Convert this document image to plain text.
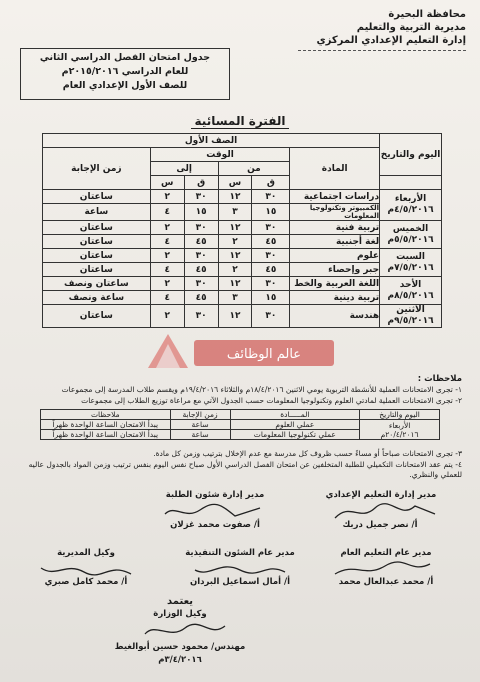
محافظة البحيرة
مديرية التربية والتعليم
إدارة التعليم الإعدادي المركزي
جدول امتحان الفصل الدراسي الثاني
للعام الدراسي ٢٠١٥/٢٠١٦م
للصف الأول الإعدادي العام
الفترة المسائية
اليوم والتاريخ	الصف الأول					
	المادة	الوقت				زمن الإجابة
		من		إلى		
		ق	س	ق	س	

الأربعاء
٤/٥/٢٠١٦م	دراسات اجتماعية	٣٠	١٢	٣٠	٢	ساعتان
	الكمبيوتر وتكنولوجيا المعلومات	١٥	٣	١٥	٤	ساعة

الخميس
٥/٥/٢٠١٦م	تربية فنية	٣٠	١٢	٣٠	٢	ساعتان
	لغة أجنبية	٤٥	٢	٤٥	٤	ساعتان

السبت
٧/٥/٢٠١٦م	علوم	٣٠	١٢	٣٠	٢	ساعتان
	جبر وإحصاء	٤٥	٢	٤٥	٤	ساعتان

الأحد
٨/٥/٢٠١٦م	اللغة العربية والخط	٣٠	١٢	٣٠	٢	ساعتان ونصف
	تربية دينية	١٥	٣	٤٥	٤	ساعة ونصف

الاثنين
٩/٥/٢٠١٦م	هندسة	٣٠	١٢	٣٠	٢	ساعتان
عالم الوظائف
ملاحظات :
١- تجرى الامتحانات العملية للأنشطة التربوية يومي الاثنين ١٨/٤/٢٠١٦م والثلاثاء ١٩/٤/٢٠١٦م ويقسم طلاب المدرسة إلى مجموعات
٢- تجرى الامتحانات العملية لمادتي العلوم وتكنولوجيا المعلومات حسب الجدول الآتي مع مراعاة توزيع الطلاب إلى مجموعات
اليوم والتاريخ	المـــــادة	زمن الإجابة	ملاحظات

الأربعاء
٢٠/٤/٢٠١٦م	عملي العلوم	ساعة	يبدأ الامتحان الساعة الواحدة ظهراً
	عملي تكنولوجيا المعلومات	ساعة	يبدأ الامتحان الساعة الواحدة ظهراً
٣- تجرى الامتحانات صباحاً أو مساءً حسب ظروف كل مدرسة مع عدم الإخلال بترتيب وزمن كل مادة.
٤- يتم عقد الامتحانات التكميلي للطلبة المتخلفين عن امتحان الفصل الدراسي الأول صباح نفس اليوم بنفس ترتيب وزمن المواد بالجدول عاليه
للعملي والنظري.
مدير إدارة التعليم الإعدادي
أ/ نصر جميل دربك
مدير إدارة شئون الطلبة
أ/ صفوت محمد غزلان
مدير عام التعليم العام
أ/ محمد عبدالعال محمد
مدير عام الشئون التنفيذية
أ/ أمال اسماعيل البردان
وكيل المديرية
أ/ محمد كامل صبري
يعتمد
وكيل الوزارة
مهندس/ محمود حسين أبوالغيط
٣/٤/٢٠١٦م
